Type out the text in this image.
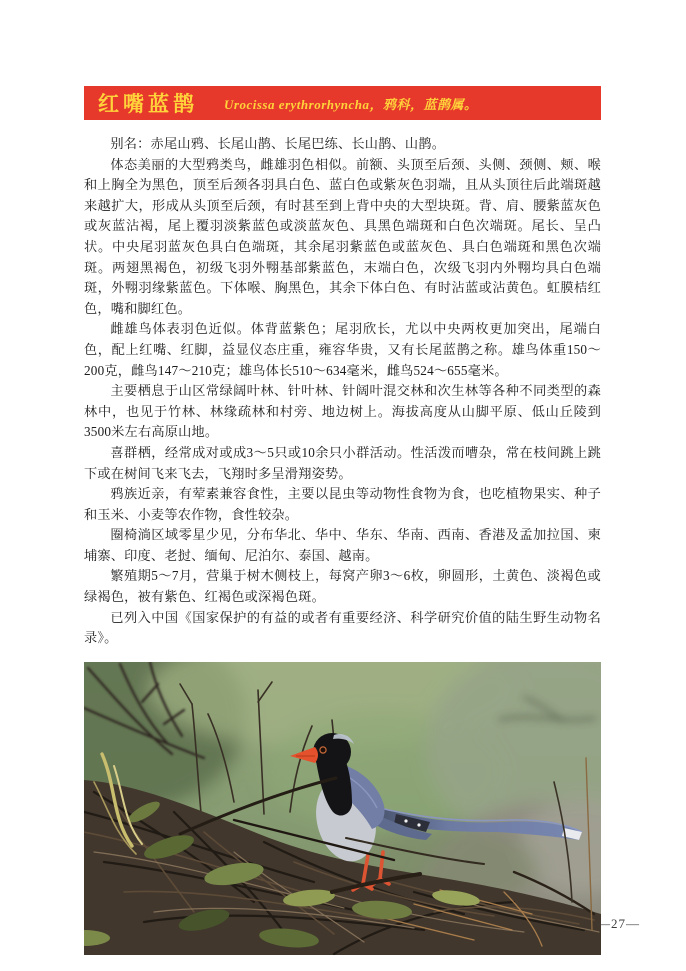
红嘴蓝鹊 Urocissa erythrorhyncha，鸦科，蓝鹊属。

别名：赤尾山鸦、长尾山鹊、长尾巴练、长山鹊、山鹊。

体态美丽的大型鸦类鸟，雌雄羽色相似。前额、头顶至后颈、头侧、颈侧、颊、喉和上胸全为黑色，顶至后颈各羽具白色、蓝白色或紫灰色羽端，且从头顶往后此端斑越来越扩大，形成从头顶至后颈，有时甚至到上背中央的大型块斑。背、肩、腰紫蓝灰色或灰蓝沾褐，尾上覆羽淡紫蓝色或淡蓝灰色、具黑色端斑和白色次端斑。尾长、呈凸状。中央尾羽蓝灰色具白色端斑，其余尾羽紫蓝色或蓝灰色、具白色端斑和黑色次端斑。两翅黑褐色，初级飞羽外翈基部紫蓝色，末端白色，次级飞羽内外翈均具白色端斑，外翈羽缘紫蓝色。下体喉、胸黑色，其余下体白色、有时沾蓝或沾黄色。虹膜桔红色，嘴和脚红色。

雌雄鸟体表羽色近似。体背蓝紫色；尾羽欣长，尤以中央两枚更加突出，尾端白色，配上红嘴、红脚，益显仪态庄重，雍容华贵，又有长尾蓝鹊之称。雄鸟体重150～200克，雌鸟147～210克；雄鸟体长510～634毫米，雌鸟524～655毫米。

主要栖息于山区常绿阔叶林、针叶林、针阔叶混交林和次生林等各种不同类型的森林中，也见于竹林、林缘疏林和村旁、地边树上。海拔高度从山脚平原、低山丘陵到3500米左右高原山地。

喜群栖，经常成对或成3～5只或10余只小群活动。性活泼而嘈杂，常在枝间跳上跳下或在树间飞来飞去，飞翔时多呈滑翔姿势。

鸦族近亲，有荤素兼容食性，主要以昆虫等动物性食物为食，也吃植物果实、种子和玉米、小麦等农作物，食性较杂。

圈椅淌区域零星少见，分布华北、华中、华东、华南、西南、香港及孟加拉国、柬埔寨、印度、老挝、缅甸、尼泊尔、泰国、越南。

繁殖期5～7月，营巢于树木侧枝上，每窝产卵3～6枚，卵圆形，土黄色、淡褐色或绿褐色，被有紫色、红褐色或深褐色斑。

已列入中国《国家保护的有益的或者有重要经济、科学研究价值的陆生野生动物名录》。

—27—
